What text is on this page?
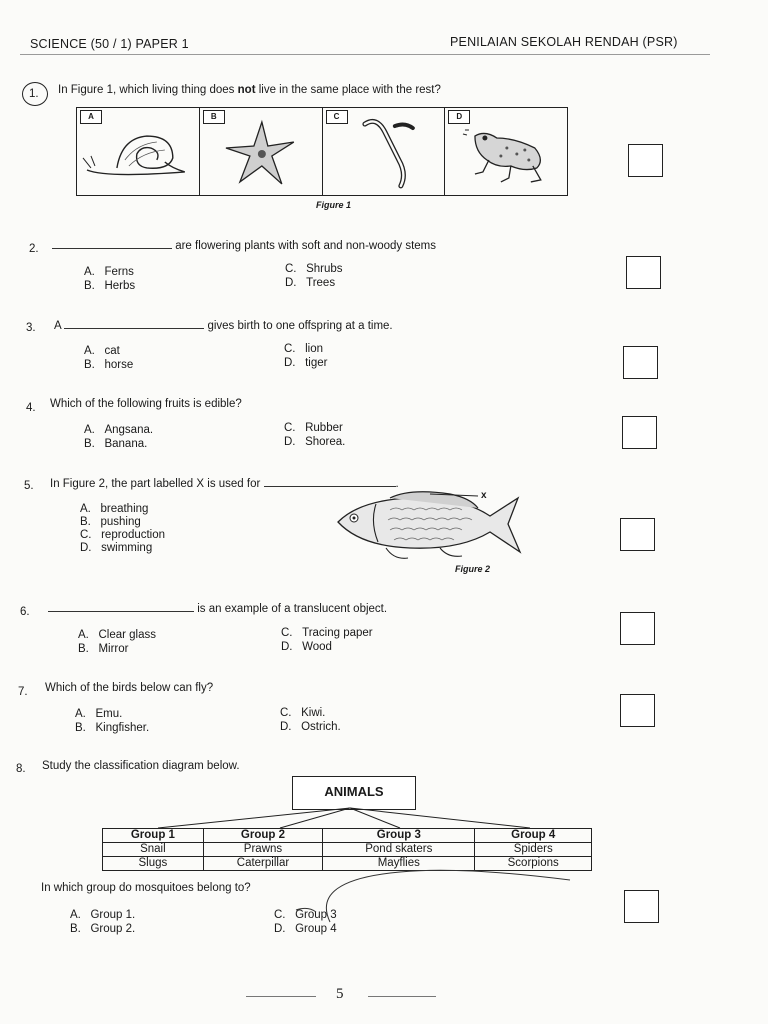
SCIENCE (50 / 1) PAPER 1	PENILAIAN SEKOLAH RENDAH (PSR)
1. In Figure 1, which living thing does not live in the same place with the rest?
A	B	C	D
Figure 1
2.	are flowering plants with soft and non-woody stems
A. Ferns
B. Herbs
C. Shrubs
D. Trees
3. A	gives birth to one offspring at a time.
A. cat
B. horse
C. lion
D. tiger
4. Which of the following fruits is edible?
A. Angsana.
B. Banana.
C. Rubber
D. Shorea.
5. In Figure 2, the part labelled X is used for	.
A. breathing
B. pushing
C. reproduction
D. swimming
x
Figure 2
6.	is an example of a translucent object.
A. Clear glass
B. Mirror
C. Tracing paper
D. Wood
7. Which of the birds below can fly?
A. Emu.
B. Kingfisher.
C. Kiwi.
D. Ostrich.
8. Study the classification diagram below.
ANIMALS
Group 1	Group 2	Group 3	Group 4
Snail	Prawns	Pond skaters	Spiders
Slugs	Caterpillar	Mayflies	Scorpions
In which group do mosquitoes belong to?
A. Group 1.
B. Group 2.
C. Group 3
D. Group 4
5
